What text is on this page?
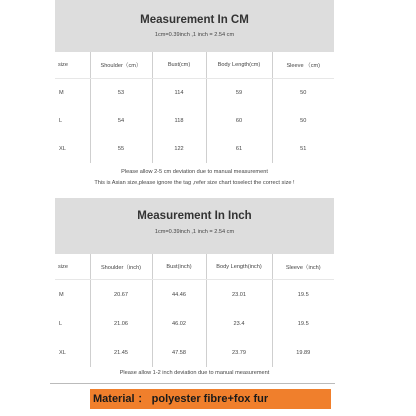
Measurement In CM
1cm=0.39inch ,1 inch = 2.54 cm
size	Shoulder（cm）	Bust(cm)	Body Length(cm)	Sleeve （cm)
M	53	114	59	50
L	54	118	60	50
XL	55	122	61	51
Please allow 2-5 cm deviation due to manual measurement
This is Asian size,please ignore the tag ,refer size chart toselect the correct size !
Measurement In Inch
1cm=0.39inch ,1 inch = 2.54 cm
size	Shoulder（inch)	Bust(inch)	Body Length(inch)	Sleeve（inch)
M	20.67	44.46	23.01	19.5
L	21.06	46.02	23.4	19.5
XL	21.45	47.58	23.79	19.89
Please allow 1-2 inch deviation due to manual measurement
Material ： polyester fibre+fox fur
